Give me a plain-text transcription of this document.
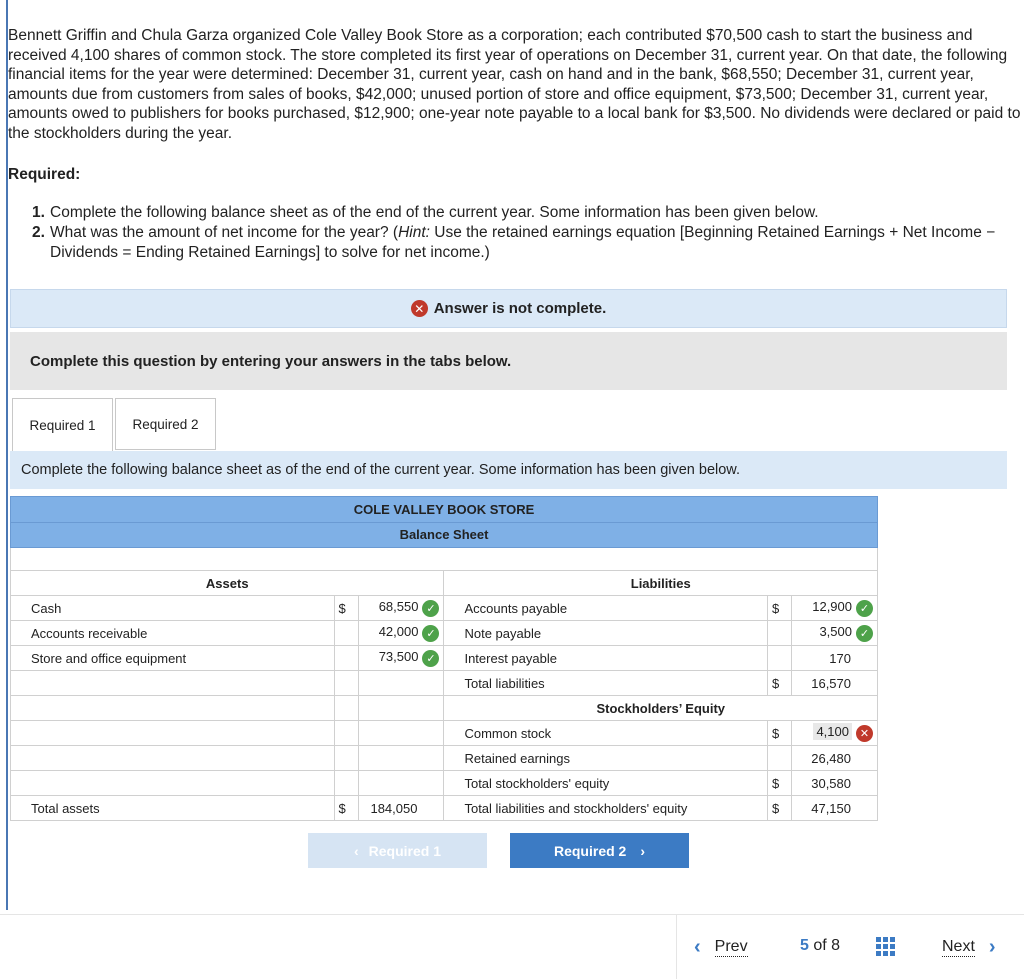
Bennett Griffin and Chula Garza organized Cole Valley Book Store as a corporation; each contributed $70,500 cash to start the business and received 4,100 shares of common stock. The store completed its first year of operations on December 31, current year. On that date, the following financial items for the year were determined: December 31, current year, cash on hand and in the bank, $68,550; December 31, current year, amounts due from customers from sales of books, $42,000; unused portion of store and office equipment, $73,500; December 31, current year, amounts owed to publishers for books purchased, $12,900; one-year note payable to a local bank for $3,500. No dividends were declared or paid to the stockholders during the year.
Required:
1. Complete the following balance sheet as of the end of the current year. Some information has been given below.
2. What was the amount of net income for the year? (Hint: Use the retained earnings equation [Beginning Retained Earnings + Net Income − Dividends = Ending Retained Earnings] to solve for net income.)
✕ Answer is not complete.
Complete this question by entering your answers in the tabs below.
Required 1	Required 2
Complete the following balance sheet as of the end of the current year. Some information has been given below.
COLE VALLEY BOOK STORE
Balance Sheet
Assets			Liabilities		
Cash	$	68,550 ✓	Accounts payable	$	12,900 ✓
Accounts receivable		42,000 ✓	Note payable		3,500 ✓
Store and office equipment		73,500 ✓	Interest payable		170
			Total liabilities	$	16,570
			Stockholders’ Equity		
			Common stock	$	4,100 ✕
			Retained earnings		26,480
			Total stockholders' equity	$	30,580
Total assets	$	184,050	Total liabilities and stockholders' equity	$	47,150
‹ Required 1	Required 2 ›
‹ Prev	5 of 8	Next ›
